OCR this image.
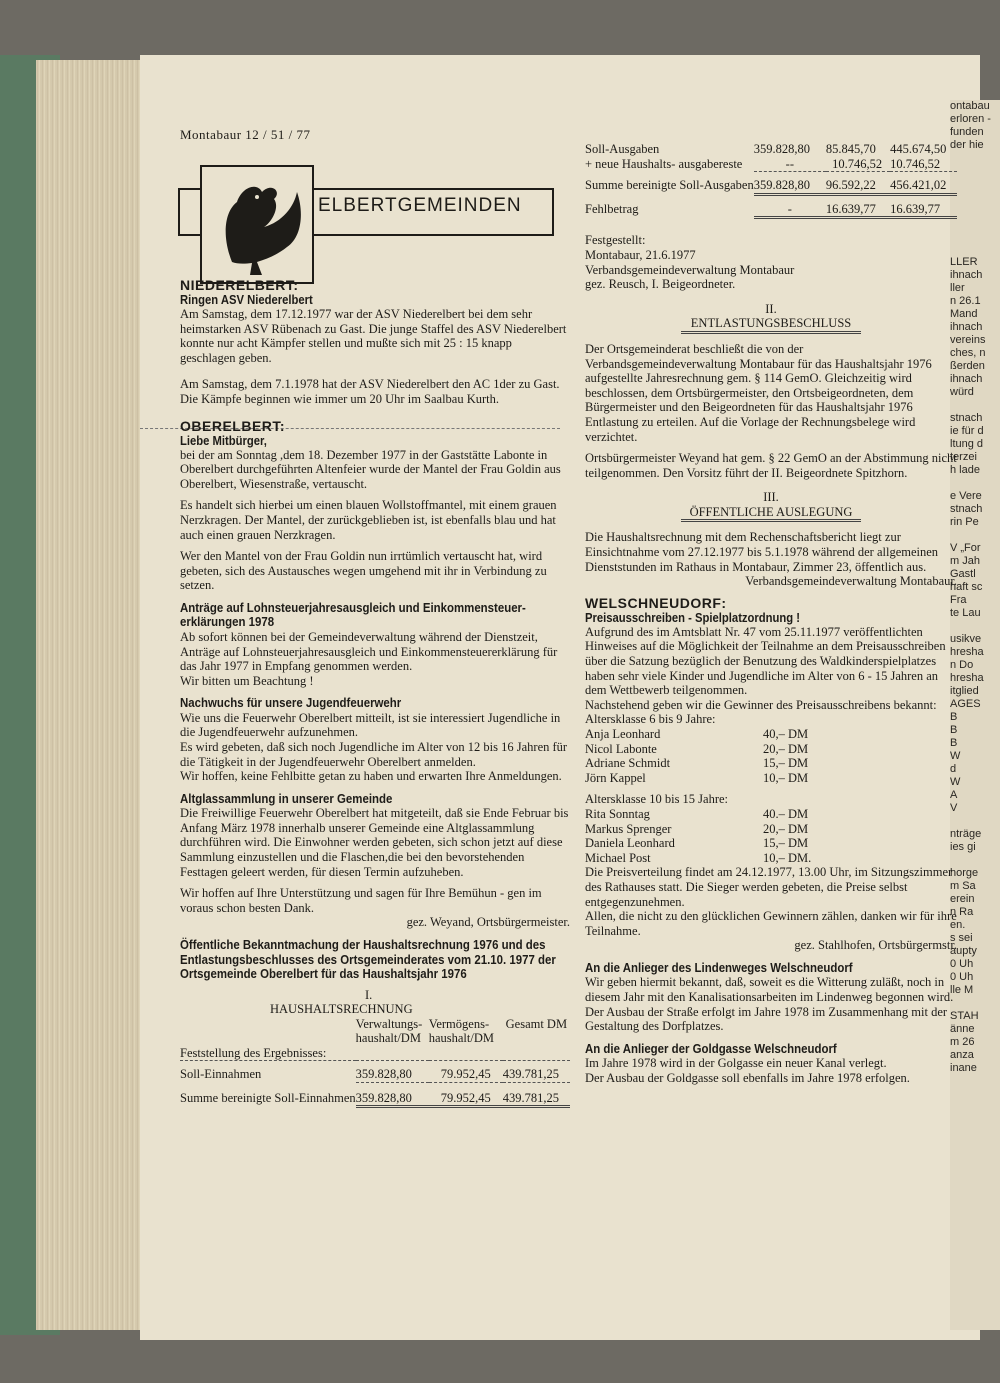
ontabau
erloren -
funden
der hie

LLER
ihnach
ller
n 26.1
Mand
ihnach
vereins
ches, n
ßerden
ihnach
würd

stnach
ie für d
ltung d
terzei
h lade

e Vere
stnach
rin Pe

V „For
m Jah
Gastl
haft sc
Fra
te Lau

usikve
hresha
n Do
hresha
itglied
AGES
B
B
B
W
d
W
A
V

nträge
ies gi

horge
m Sa
erein
n Ra
en.
s sei
aupty
0 Uh
0 Uh
lle M

STAH
änne
m 26
anza
inane
Montabaur 12 / 51 / 77
ELBERTGEMEINDEN
NIEDERELBERT:
Ringen ASV Niederelbert

Am Samstag, dem 17.12.1977 war der ASV Niederelbert bei dem sehr heimstarken ASV Rübenach zu Gast. Die junge Staffel des ASV Niederelbert konnte nur acht Kämpfer stellen und mußte sich mit 25 : 15 knapp geschlagen geben.

Am Samstag, dem 7.1.1978 hat der ASV Niederelbert den AC 1der zu Gast. Die Kämpfe beginnen wie immer um 20 Uhr im Saalbau Kurth.

OBERELBERT:
Liebe Mitbürger,

bei der am Sonntag ,dem 18. Dezember 1977 in der Gaststätte Labonte in Oberelbert durchgeführten Altenfeier wurde der Mantel der Frau Goldin aus Oberelbert, Wiesenstraße, vertauscht.

Es handelt sich hierbei um einen blauen Wollstoffmantel, mit einem grauen Nerzkragen. Der Mantel, der zurückgeblieben ist, ist ebenfalls blau und hat auch einen grauen Nerzkragen.

Wer den Mantel von der Frau Goldin nun irrtümlich vertauscht hat, wird gebeten, sich des Austausches wegen umgehend mit ihr in Verbindung zu setzen.

Anträge auf Lohnsteuerjahresausgleich und Einkommensteuer-erklärungen 1978
Ab sofort können bei der Gemeindeverwaltung während der Dienstzeit, Anträge auf Lohnsteuerjahresausgleich und Einkommensteuererklärung für das Jahr 1977 in Empfang genommen werden.

Wir bitten um Beachtung !

Nachwuchs für unsere Jugendfeuerwehr
Wie uns die Feuerwehr Oberelbert mitteilt, ist sie interessiert Jugendliche in die Jugendfeuerwehr aufzunehmen.
Es wird gebeten, daß sich noch Jugendliche im Alter von 12 bis 16 Jahren für die Tätigkeit in der Jugendfeuerwehr Oberelbert anmelden.

Wir hoffen, keine Fehlbitte getan zu haben und erwarten Ihre Anmeldungen.

Altglassammlung in unserer Gemeinde

Die Freiwillige Feuerwehr Oberelbert hat mitgeteilt, daß sie Ende Februar bis Anfang März 1978 innerhalb unserer Gemeinde eine Altglassammlung durchführen wird. Die Einwohner werden gebeten, sich schon jetzt auf diese Sammlung einzustellen und die Flaschen,die bei den bevorstehenden Festtagen geleert werden, für diesen Termin aufzuheben.

Wir hoffen auf Ihre Unterstützung und sagen für Ihre Bemühun - gen im voraus schon besten Dank.
gez. Weyand, Ortsbürgermeister.
Öffentliche Bekanntmachung der Haushaltsrechnung 1976 und des Entlastungsbeschlusses des Ortsgemeinderates vom 21.10. 1977 der Ortsgemeinde Oberelbert für das Haushaltsjahr 1976
I.
HAUSHALTSRECHNUNG
	Verwaltungs- haushalt/DM	Vermögens- haushalt/DM	Gesamt DM
Feststellung des Ergebnisses:			

Soll-Einnahmen	359.828,80	79.952,45	439.781,25

Summe bereinigte Soll-Einnahmen	359.828,80	79.952,45	439.781,25

Soll-Ausgaben	359.828,80	85.845,70	445.674,50
+ neue Haushalts- ausgabereste	--	10.746,52	10.746,52

Summe bereinigte Soll-Ausgaben	359.828,80	96.592,22	456.421,02

Fehlbetrag	-	16.639,77	16.639,77

Festgestellt:
Montabaur, 21.6.1977
Verbandsgemeindeverwaltung Montabaur
gez. Reusch, I. Beigeordneter.
II.
ENTLASTUNGSBESCHLUSS

Der Ortsgemeinderat beschließt die von der Verbandsgemeindeverwaltung Montabaur für das Haushaltsjahr 1976 aufgestellte Jahresrechnung gem. § 114 GemO. Gleichzeitig wird beschlossen, dem Ortsbürgermeister, den Ortsbeigeordneten, dem Bürgermeister und den Beigeordneten für das Haushaltsjahr 1976 Entlastung zu erteilen. Auf die Vorlage der Rechnungsbelege wird verzichtet.

Ortsbürgermeister Weyand hat gem. § 22 GemO an der Abstimmung nicht teilgenommen. Den Vorsitz führt der II. Beigeordnete Spitzhorn.

III.
ÖFFENTLICHE AUSLEGUNG
Die Haushaltsrechnung mit dem Rechenschaftsbericht liegt zur Einsichtnahme vom 27.12.1977 bis 5.1.1978 während der allgemeinen Dienststunden im Rathaus in Montabaur, Zimmer 23, öffentlich aus.

Verbandsgemeindeverwaltung Montabaur.

WELSCHNEUDORF:
Preisausschreiben - Spielplatzordnung !
Aufgrund des im Amtsblatt Nr. 47 vom 25.11.1977 veröffentlichten Hinweises auf die Möglichkeit der Teilnahme an dem Preisausschreiben über die Satzung bezüglich der Benutzung des Waldkinderspielplatzes haben sehr viele Kinder und Jugendliche im Alter von 6 - 15 Jahren an dem Wettbewerb teilgenommen.
Nachstehend geben wir die Gewinner des Preisausschreibens bekannt:
Altersklasse 6 bis 9 Jahre:
Anja Leonhard	40,– DM
Nicol Labonte	20,– DM
Adriane Schmidt	15,– DM
Jörn Kappel	10,– DM
Altersklasse 10 bis 15 Jahre:
Rita Sonntag	40.– DM
Markus Sprenger	20,– DM
Daniela Leonhard	15,– DM
Michael Post	10,– DM.
Die Preisverteilung findet am 24.12.1977, 13.00 Uhr, im Sitzungszimmer des Rathauses statt. Die Sieger werden gebeten, die Preise selbst entgegenzunehmen.
Allen, die nicht zu den glücklichen Gewinnern zählen, danken wir für ihre Teilnahme.

gez. Stahlhofen, Ortsbürgermstr.

An die Anlieger des Lindenweges Welschneudorf
Wir geben hiermit bekannt, daß, soweit es die Witterung zuläßt, noch in diesem Jahr mit den Kanalisationsarbeiten im Lindenweg begonnen wird.

Der Ausbau der Straße erfolgt im Jahre 1978 im Zusammenhang mit der Gestaltung des Dorfplatzes.

An die Anlieger der Goldgasse Welschneudorf
Im Jahre 1978 wird in der Golgasse ein neuer Kanal verlegt.
Der Ausbau der Goldgasse soll ebenfalls im Jahre 1978 erfolgen.
